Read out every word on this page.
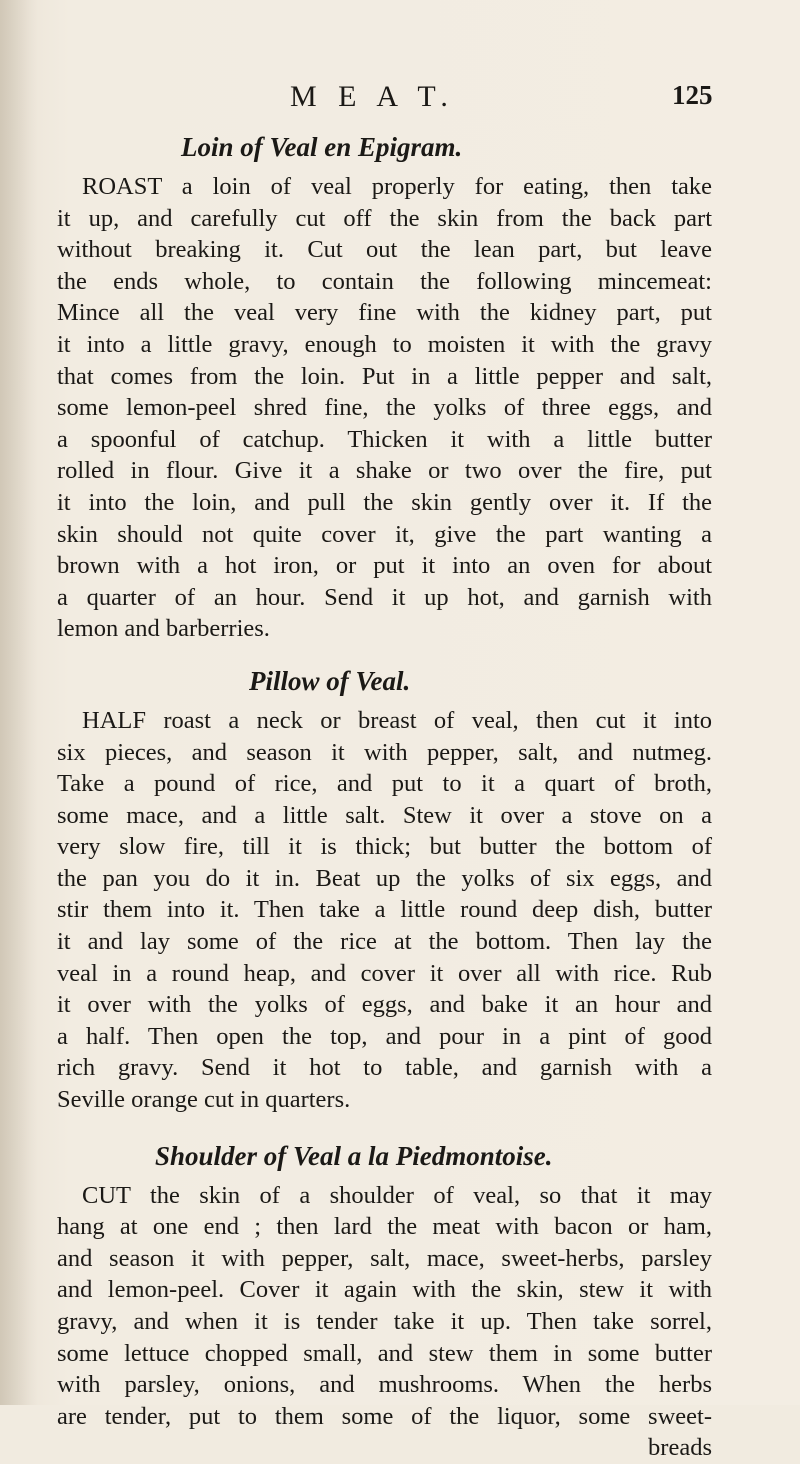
M E A T.	125
Loin of Veal en Epigram.
ROAST a loin of veal properly for eating, then take
it up, and carefully cut off the skin from the back part
without breaking it. Cut out the lean part, but leave
the ends whole, to contain the following mincemeat:
Mince all the veal very fine with the kidney part, put
it into a little gravy, enough to moisten it with the gravy
that comes from the loin. Put in a little pepper and salt,
some lemon-peel shred fine, the yolks of three eggs, and
a spoonful of catchup. Thicken it with a little butter
rolled in flour. Give it a shake or two over the fire, put
it into the loin, and pull the skin gently over it. If the
skin should not quite cover it, give the part wanting a
brown with a hot iron, or put it into an oven for about
a quarter of an hour. Send it up hot, and garnish with
lemon and barberries.
Pillow of Veal.
HALF roast a neck or breast of veal, then cut it into
six pieces, and season it with pepper, salt, and nutmeg.
Take a pound of rice, and put to it a quart of broth,
some mace, and a little salt. Stew it over a stove on a
very slow fire, till it is thick; but butter the bottom of
the pan you do it in. Beat up the yolks of six eggs, and
stir them into it. Then take a little round deep dish, butter
it and lay some of the rice at the bottom. Then lay the
veal in a round heap, and cover it over all with rice. Rub
it over with the yolks of eggs, and bake it an hour and
a half. Then open the top, and pour in a pint of good
rich gravy. Send it hot to table, and garnish with a
Seville orange cut in quarters.
Shoulder of Veal a la Piedmontoise.
CUT the skin of a shoulder of veal, so that it may
hang at one end ; then lard the meat with bacon or ham,
and season it with pepper, salt, mace, sweet-herbs, parsley
and lemon-peel. Cover it again with the skin, stew it with
gravy, and when it is tender take it up. Then take sorrel,
some lettuce chopped small, and stew them in some butter
with parsley, onions, and mushrooms. When the herbs
are tender, put to them some of the liquor, some sweet-
breads
